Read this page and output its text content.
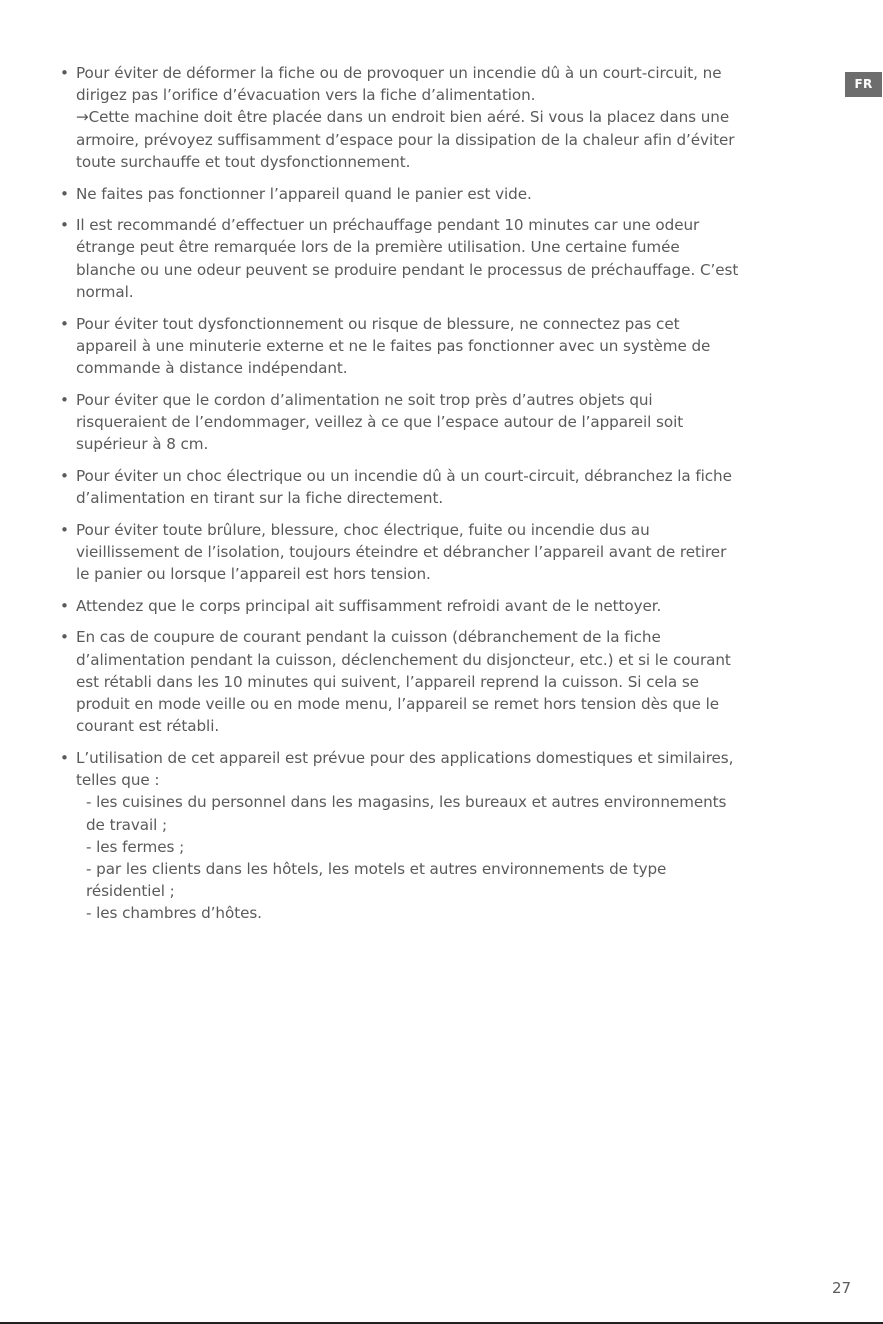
FR
• Pour éviter de déformer la fiche ou de provoquer un incendie dû à un court-circuit, ne
dirigez pas l’orifice d’évacuation vers la fiche d’alimentation.
→Cette machine doit être placée dans un endroit bien aéré. Si vous la placez dans une
armoire, prévoyez suffisamment d’espace pour la dissipation de la chaleur afin d’éviter
toute surchauffe et tout dysfonctionnement.
• Ne faites pas fonctionner l’appareil quand le panier est vide.
• Il est recommandé d’effectuer un préchauffage pendant 10 minutes car une odeur
étrange peut être remarquée lors de la première utilisation. Une certaine fumée
blanche ou une odeur peuvent se produire pendant le processus de préchauffage. C’est
normal.
• Pour éviter tout dysfonctionnement ou risque de blessure, ne connectez pas cet
appareil à une minuterie externe et ne le faites pas fonctionner avec un système de
commande à distance indépendant.
• Pour éviter que le cordon d’alimentation ne soit trop près d’autres objets qui
risqueraient de l’endommager, veillez à ce que l’espace autour de l’appareil soit
supérieur à 8 cm.
• Pour éviter un choc électrique ou un incendie dû à un court-circuit, débranchez la fiche
d’alimentation en tirant sur la fiche directement.
• Pour éviter toute brûlure, blessure, choc électrique, fuite ou incendie dus au
vieillissement de l’isolation, toujours éteindre et débrancher l’appareil avant de retirer
le panier ou lorsque l’appareil est hors tension.
• Attendez que le corps principal ait suffisamment refroidi avant de le nettoyer.
• En cas de coupure de courant pendant la cuisson (débranchement de la fiche
d’alimentation pendant la cuisson, déclenchement du disjoncteur, etc.) et si le courant
est rétabli dans les 10 minutes qui suivent, l’appareil reprend la cuisson. Si cela se
produit en mode veille ou en mode menu, l’appareil se remet hors tension dès que le
courant est rétabli.
• L’utilisation de cet appareil est prévue pour des applications domestiques et similaires,
telles que :
- les cuisines du personnel dans les magasins, les bureaux et autres environnements
de travail ;
- les fermes ;
- par les clients dans les hôtels, les motels et autres environnements de type
résidentiel ;
- les chambres d’hôtes.
27
